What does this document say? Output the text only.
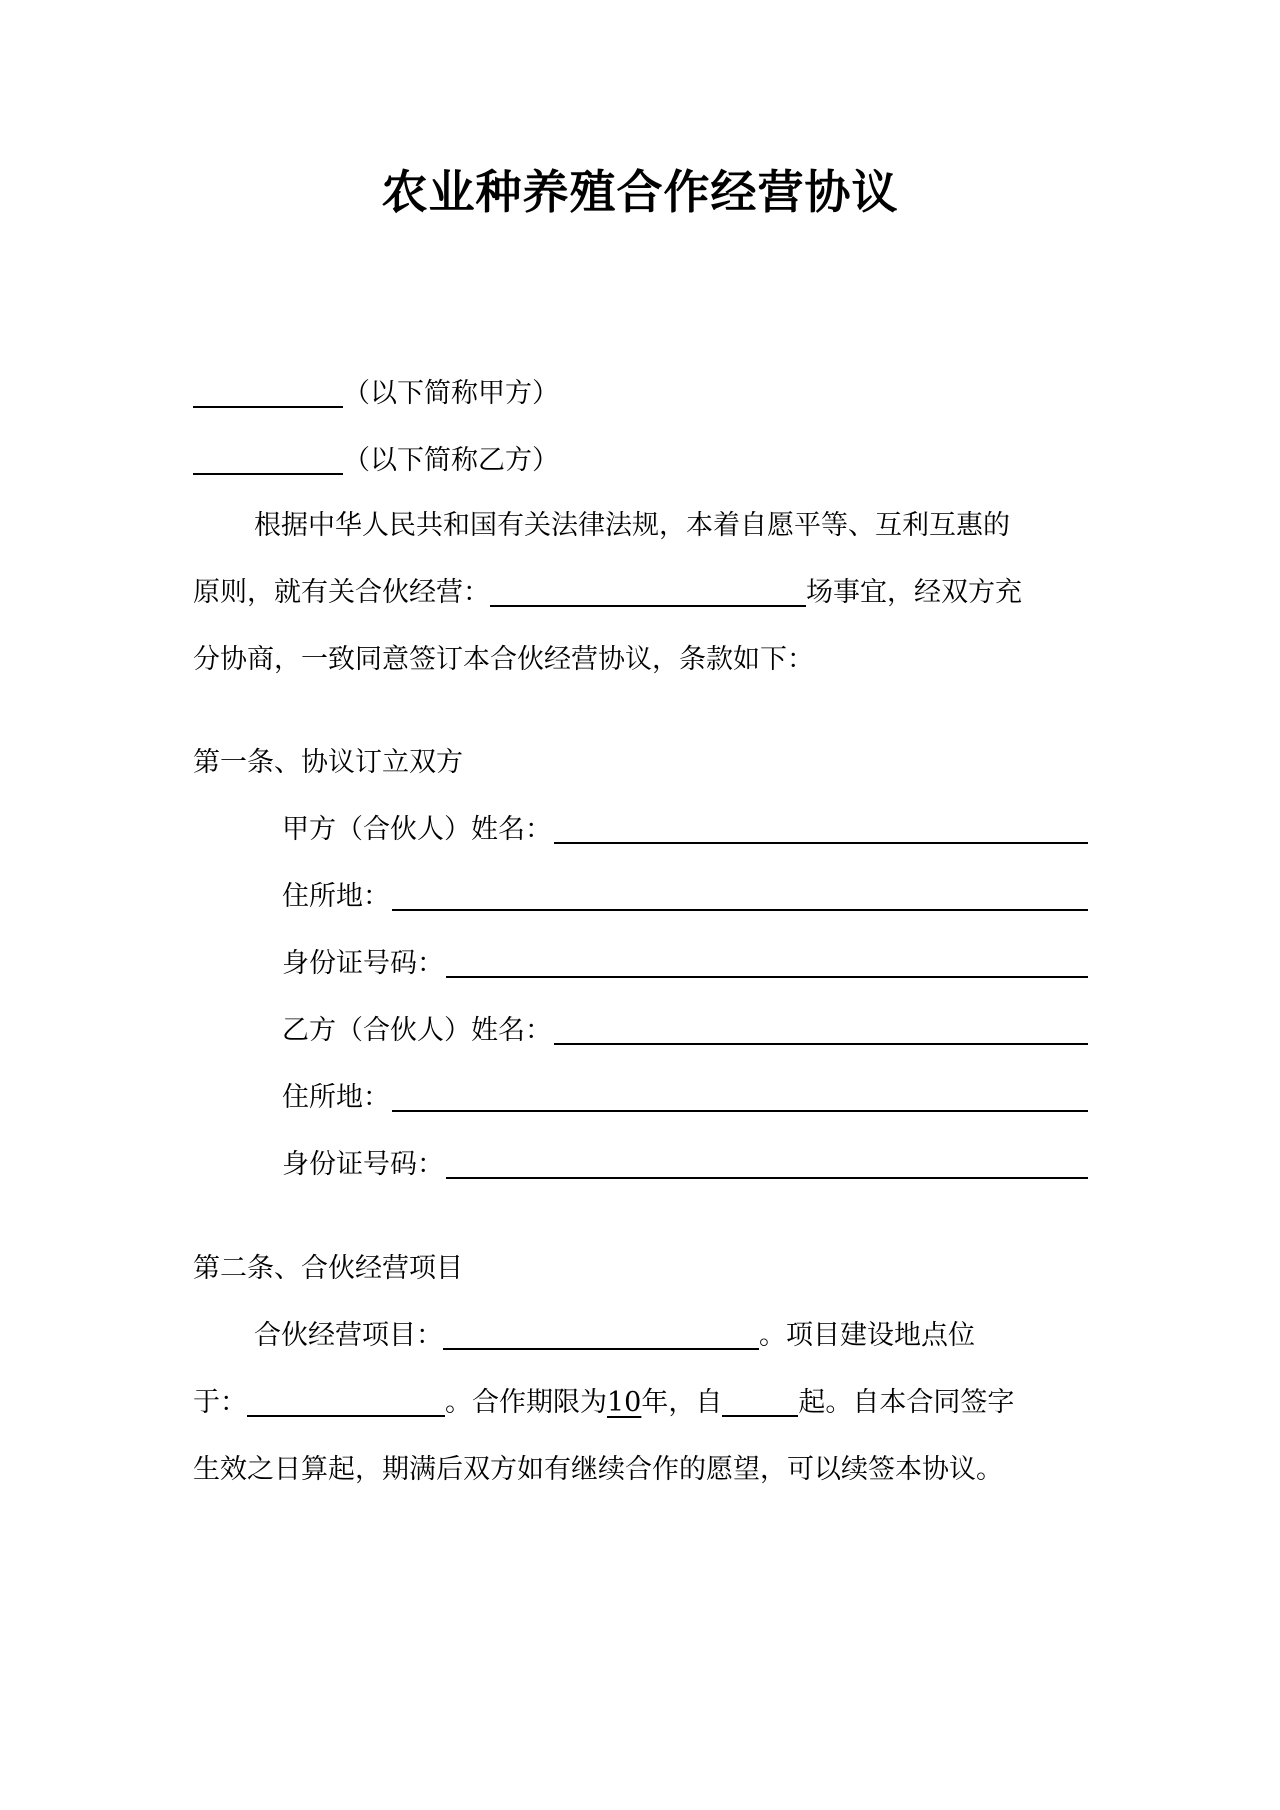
农业种养殖合作经营协议
（以下简称甲方）
（以下简称乙方）
根据中华人民共和国有关法律法规，本着自愿平等、互利互惠的
原则，就有关合伙经营：	场事宜，经双方充
分协商，一致同意签订本合伙经营协议，条款如下：
第一条、协议订立双方
甲方（合伙人）姓名：
住所地：
身份证号码：
乙方（合伙人）姓名：
住所地：
身份证号码：
第二条、合伙经营项目
合伙经营项目：	。项目建设地点位
于：	。合作期限为10年，自	起。自本合同签字
生效之日算起，期满后双方如有继续合作的愿望，可以续签本协议。
